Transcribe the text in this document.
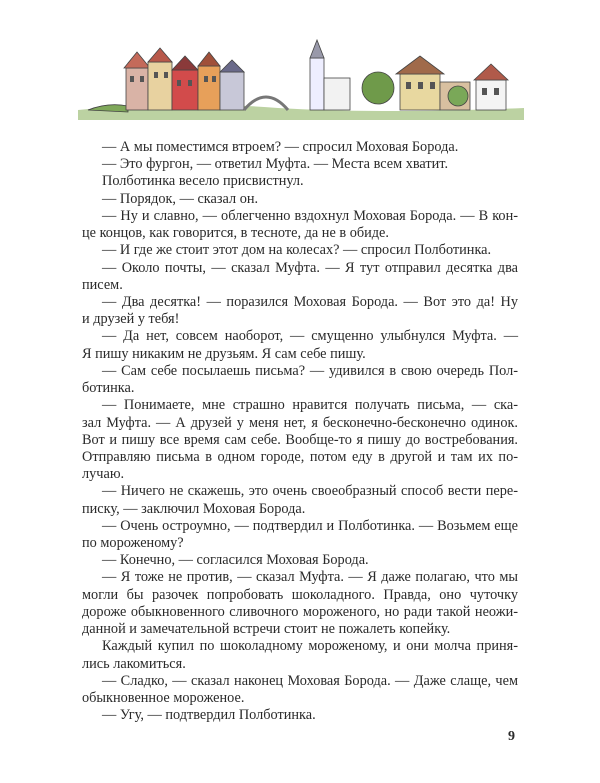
— А мы поместимся втроем? — спросил Моховая Борода.
— Это фургон, — ответил Муфта. — Места всем хватит.
Полботинка весело присвистнул.
— Порядок, — сказал он.
— Ну и славно, — облегченно вздохнул Моховая Борода. — В кон-
це концов, как говорится, в тесноте, да не в обиде.
— И где же стоит этот дом на колесах? — спросил Полботинка.
— Около почты, — сказал Муфта. — Я тут отправил десятка два
писем.
— Два десятка! — поразился Моховая Борода. — Вот это да! Ну
и друзей у тебя!
— Да нет, совсем наоборот, — смущенно улыбнулся Муфта. —
Я пишу никаким не друзьям. Я сам себе пишу.
— Сам себе посылаешь письма? — удивился в свою очередь Пол-
ботинка.
— Понимаете, мне страшно нравится получать письма, — ска-
зал Муфта. — А друзей у меня нет, я бесконечно-бесконечно одинок.
Вот и пишу все время сам себе. Вообще-то я пишу до востребования.
Отправляю письма в одном городе, потом еду в другой и там их по-
лучаю.
— Ничего не скажешь, это очень своеобразный способ вести пере-
писку, — заключил Моховая Борода.
— Очень остроумно, — подтвердил и Полботинка. — Возьмем еще
по мороженому?
— Конечно, — согласился Моховая Борода.
— Я тоже не против, — сказал Муфта. — Я даже полагаю, что мы
могли бы разочек попробовать шоколадного. Правда, оно чуточку
дороже обыкновенного сливочного мороженого, но ради такой неожи-
данной и замечательной встречи стоит не пожалеть копейку.
Каждый купил по шоколадному мороженому, и они молча приня-
лись лакомиться.
— Сладко, — сказал наконец Моховая Борода. — Даже слаще, чем
обыкновенное мороженое.
— Угу, — подтвердил Полботинка.
9
